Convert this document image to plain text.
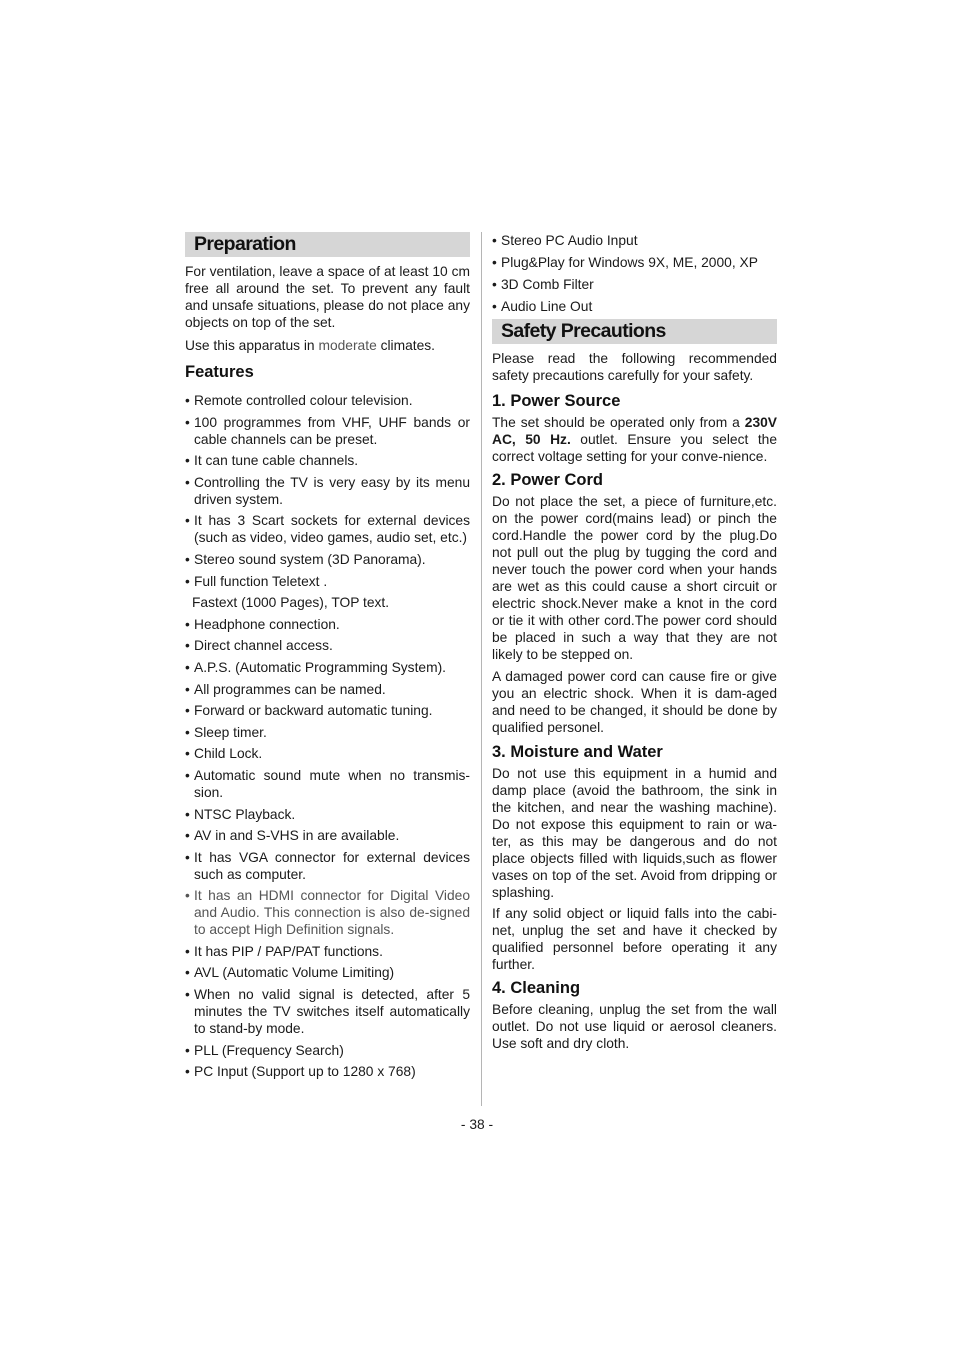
Preparation

For ventilation, leave a space of at least 10 cm free all around the set. To prevent any fault and unsafe situations, please do not place any objects on top of the set.

Use this apparatus in moderate climates.

Features
• Remote controlled colour television.
• 100 programmes from VHF, UHF bands or cable channels can be preset.
• It can tune cable channels.
• Controlling the TV is very easy by its menu driven system.
• It has 3 Scart sockets for external devices (such as video, video games, audio set, etc.)
• Stereo sound system (3D Panorama).
• Full function Teletext .
Fastext (1000 Pages), TOP text.
• Headphone connection.
• Direct channel access.
• A.P.S. (Automatic Programming System).
• All programmes can be named.
• Forward or backward automatic tuning.
• Sleep timer.
• Child Lock.
• Automatic sound mute when no transmis-sion.
• NTSC Playback.
• AV in and S-VHS in are available.
• It has VGA connector for external devices such as computer.
• It has an HDMI connector for Digital Video and Audio. This connection is also de-signed to accept High Definition signals.
• It has PIP / PAP/PAT functions.
• AVL (Automatic Volume Limiting)
• When no valid signal is detected, after 5 minutes the TV switches itself automatically to stand-by mode.
• PLL (Frequency Search)
• PC Input (Support up to 1280 x 768)
• Stereo PC Audio Input
• Plug&Play for Windows 9X, ME, 2000, XP
• 3D Comb Filter
• Audio Line Out
Safety Precautions

Please read the following recommended safety precautions carefully for your safety.

1. Power Source

The set should be operated only from a 230V AC, 50 Hz. outlet. Ensure you select the correct voltage setting for your conve-nience.

2. Power Cord

Do not place the set, a piece of furniture,etc. on the power cord(mains lead) or pinch the cord.Handle the power cord by the plug.Do not pull out the plug by tugging the cord and never touch the power cord when your hands are wet as this could cause a short circuit or electric shock.Never make a knot in the cord or tie it with other cord.The power cord should be placed in such a way that they are not likely to be stepped on.

A damaged power cord can cause fire or give you an electric shock. When it is dam-aged and need to be changed, it should be done by qualified personel.

3. Moisture and Water

Do not use this equipment in a humid and damp place (avoid the bathroom, the sink in the kitchen, and near the washing machine). Do not expose this equipment to rain or wa-ter, as this may be dangerous and do not place objects filled with liquids,such as flower vases on top of the set. Avoid from dripping or splashing.

If any solid object or liquid falls into the cabi-net, unplug the set and have it checked by qualified personnel before operating it any further.

4. Cleaning

Before cleaning, unplug the set from the wall outlet. Do not use liquid or aerosol cleaners. Use soft and dry cloth.

- 38 -
